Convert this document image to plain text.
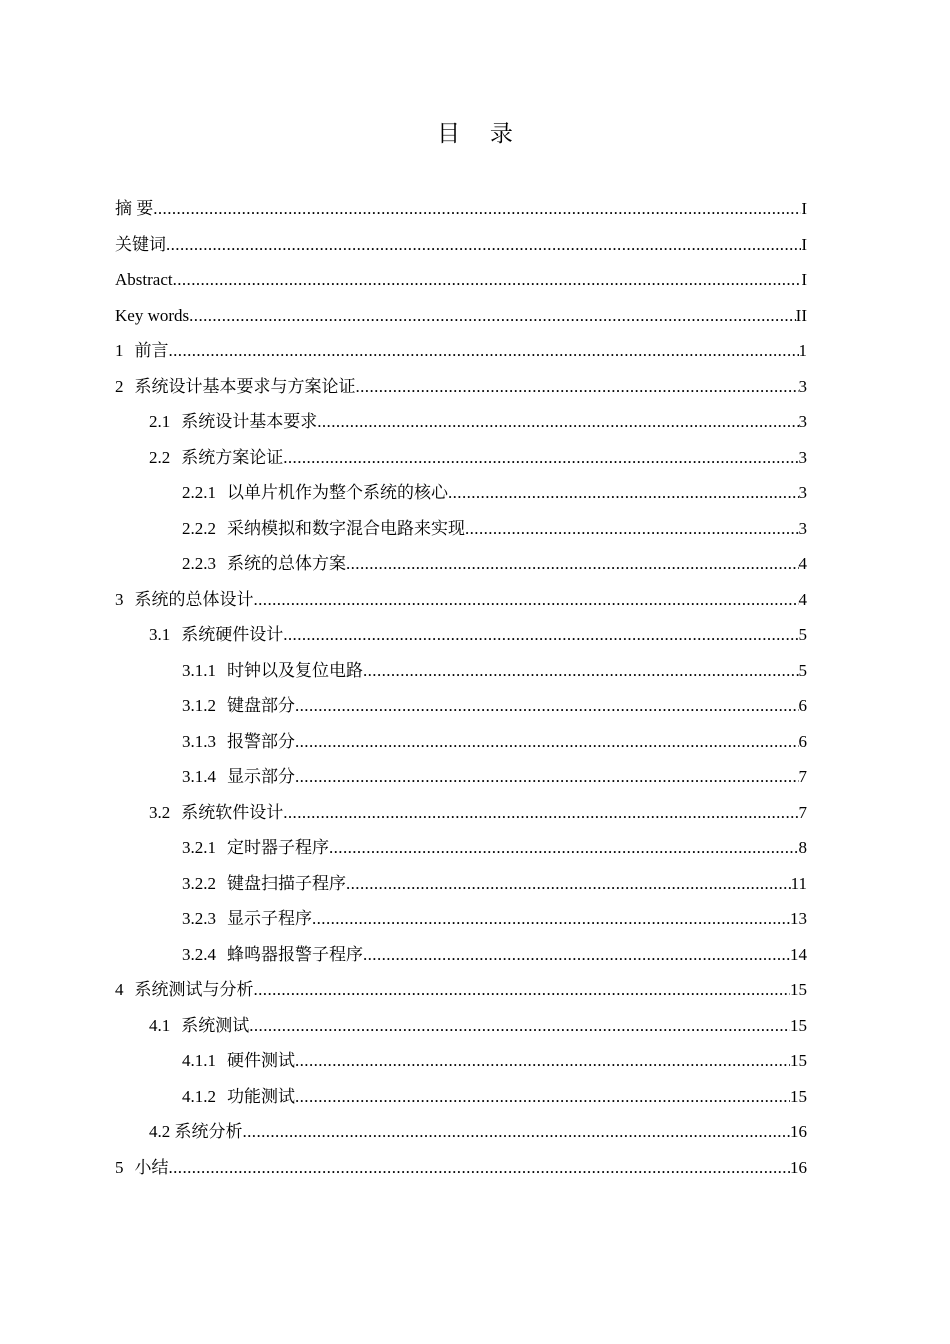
目 录
摘 要 .....	I
关键词 .....	I
Abstract .....	I
Key words .....	II
1 前言 .....	1
2 系统设计基本要求与方案论证 .....	3
2.1 系统设计基本要求 .....	3
2.2 系统方案论证 .....	3
2.2.1 以单片机作为整个系统的核心 .....	3
2.2.2 采纳模拟和数字混合电路来实现 .....	3
2.2.3 系统的总体方案 .....	4
3 系统的总体设计 .....	4
3.1 系统硬件设计 .....	5
3.1.1 时钟以及复位电路 .....	5
3.1.2 键盘部分 .....	6
3.1.3 报警部分 .....	6
3.1.4 显示部分 .....	7
3.2 系统软件设计 .....	7
3.2.1 定时器子程序 .....	8
3.2.2 键盘扫描子程序 .....	11
3.2.3 显示子程序 .....	13
3.2.4 蜂鸣器报警子程序 .....	14
4 系统测试与分析 .....	15
4.1 系统测试 .....	15
4.1.1 硬件测试 .....	15
4.1.2 功能测试 .....	15
4.2 系统分析 .....	16
5 小结 .....	16
